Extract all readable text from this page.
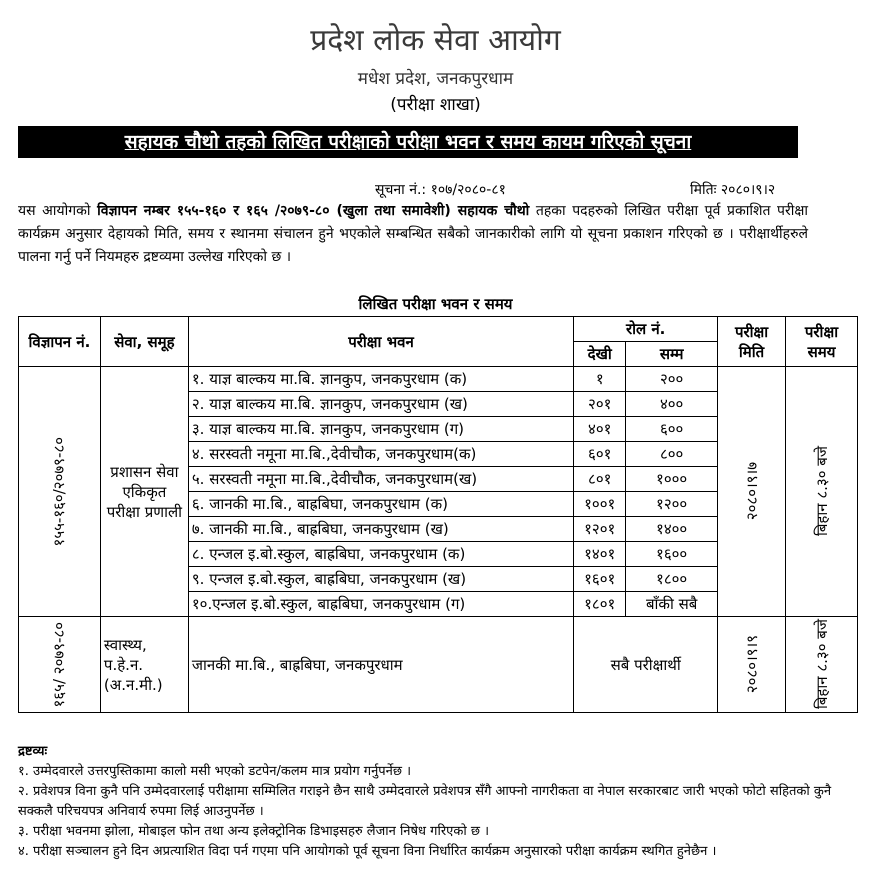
प्रदेश लोक सेवा आयोग
मधेश प्रदेश, जनकपुरधाम
(परीक्षा शाखा)
सहायक चौथो तहको लिखित परीक्षाको परीक्षा भवन र समय कायम गरिएको सूचना
सूचना नं.: १०७/२०८०-८१	मितिः २०८०।९।२
यस आयोगको विज्ञापन नम्बर १५५-१६० र १६५ /२०७९-८० (खुला तथा समावेशी) सहायक चौथो तहका पदहरुको लिखित परीक्षा पूर्व प्रकाशित परीक्षा कार्यक्रम अनुसार देहायको मिति, समय र स्थानमा संचालन हुने भएकोले सम्बन्धित सबैको जानकारीको लागि यो सूचना प्रकाशन गरिएको छ । परीक्षार्थीहरुले पालना गर्नु पर्ने नियमहरु द्रष्टव्यमा उल्लेख गरिएको छ ।
लिखित परीक्षा भवन र समय
विज्ञापन नं.	सेवा, समूह	परीक्षा भवन	रोल नं.		परीक्षा मिति	परीक्षा समय
			देखी	सम्म		

१५५-१६०/२०७९-८०	प्रशासन सेवा एकिकृत परीक्षा प्रणाली	१. याज्ञ बाल्कय मा.बि. ज्ञानकुप, जनकपुरधाम (क)	१	२००	२०८०।९।७	बिहान ८.३० बजे

		२. याज्ञ बाल्कय मा.बि. ज्ञानकुप, जनकपुरधाम (ख)	२०१	४००		
		३. याज्ञ बाल्कय मा.बि. ज्ञानकुप, जनकपुरधाम (ग)	४०१	६००		
		४. सरस्वती नमूना मा.बि.,देवीचौक, जनकपुरधाम(क)	६०१	८००		
		५. सरस्वती नमूना मा.बि.,देवीचौक, जनकपुरधाम(ख)	८०१	१०००		
		६. जानकी मा.बि., बाह्रबिघा, जनकपुरधाम (क)	१००१	१२००		
		७. जानकी मा.बि., बाह्रबिघा, जनकपुरधाम (ख)	१२०१	१४००		
		८. एन्जल इ.बो.स्कुल, बाह्रबिघा, जनकपुरधाम (क)	१४०१	१६००		
		९. एन्जल इ.बो.स्कुल, बाह्रबिघा, जनकपुरधाम (ख)	१६०१	१८००		
		१०.एन्जल इ.बो.स्कुल, बाह्रबिघा, जनकपुरधाम (ग)	१८०१	बाँकी सबै		

१६५/ २०७९-८०	स्वास्थ्य, प.हे.न. (अ.न.मी.)	जानकी मा.बि., बाह्रबिघा, जनकपुरधाम	सबै परीक्षार्थी		२०८०।९।९	बिहान ८.३० बजे
द्रष्टव्यः
१. उम्मेदवारले उत्तरपुस्तिकामा कालो मसी भएको डटपेन/कलम मात्र प्रयोग गर्नुपर्नेछ ।
२. प्रवेशपत्र विना कुनै पनि उम्मेदवारलाई परीक्षामा सम्मिलित गराइने छैन साथै उम्मेदवारले प्रवेशपत्र सँगै आफ्नो नागरीकता वा नेपाल सरकारबाट जारी भएको फोटो सहितको कुनै सक्कलै परिचयपत्र अनिवार्य रुपमा लिई आउनुपर्नेछ ।
३. परीक्षा भवनमा झोला, मोबाइल फोन तथा अन्य इलेक्ट्रोनिक डिभाइसहरु लैजान निषेध गरिएको छ ।
४. परीक्षा सञ्चालन हुने दिन अप्रत्याशित विदा पर्न गएमा पनि आयोगको पूर्व सूचना विना निर्धारित कार्यक्रम अनुसारको परीक्षा कार्यक्रम स्थगित हुनेछैन ।
